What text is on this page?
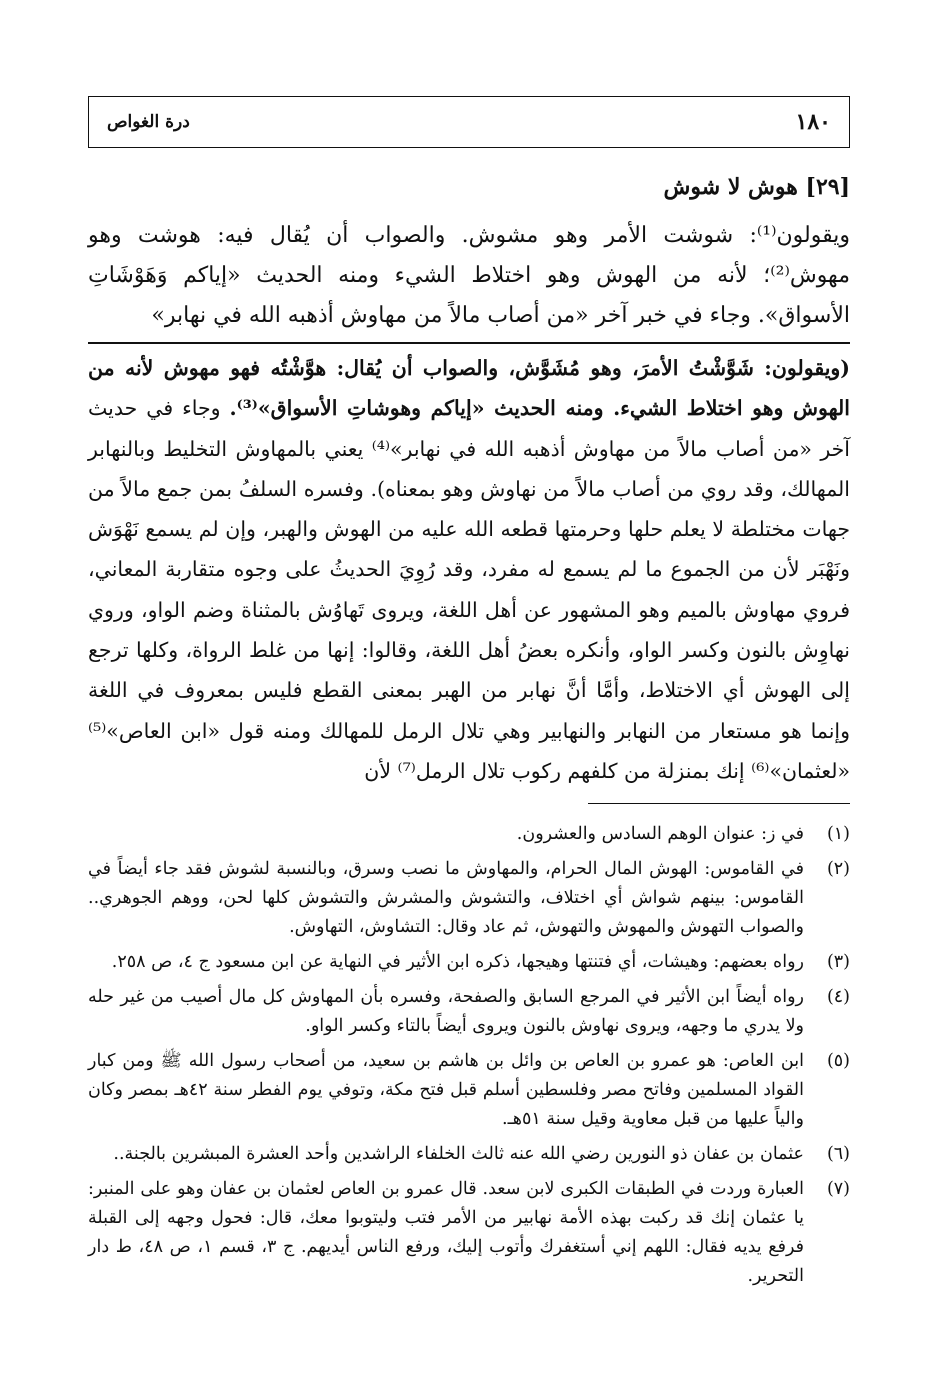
١٨٠
درة الغواص
[٢٩] هوش لا شوش

ويقولون⁽¹⁾: شوشت الأمر وهو مشوش. والصواب أن يُقال فيه: هوشت وهو مهوش⁽²⁾؛ لأنه من الهوش وهو اختلاط الشيء ومنه الحديث «إياكم وَهَوْشَاتِ الأسواق». وجاء في خبر آخر «من أصاب مالاً من مهاوش أذهبه الله في نهابر»

(ويقولون: شَوَّشْتُ الأمرَ، وهو مُشَوَّش، والصواب أن يُقال: هوَّشْتُه فهو مهوش لأنه من الهوش وهو اختلاط الشيء. ومنه الحديث «إياكم وهوشاتِ الأسواق»⁽³⁾. وجاء في حديث آخر «من أصاب مالاً من مهاوش أذهبه الله في نهابر»⁽⁴⁾ يعني بالمهاوش التخليط وبالنهابر المهالك، وقد روي من أصاب مالاً من نهاوش وهو بمعناه). وفسره السلفُ بمن جمع مالاً من جهات مختلطة لا يعلم حلها وحرمتها قطعه الله عليه من الهوش والهبر، وإن لم يسمع نَهْوَش ونَهْبَر لأن من الجموع ما لم يسمع له مفرد، وقد رُوِيَ الحديثُ على وجوه متقاربة المعاني، فروي مهاوش بالميم وهو المشهور عن أهل اللغة، ويروى تَهاوُش بالمثناة وضم الواو، وروي نهاوِش بالنون وكسر الواو، وأنكره بعضُ أهل اللغة، وقالوا: إنها من غلط الرواة، وكلها ترجع إلى الهوش أي الاختلاط، وأمَّا أنَّ نهابر من الهبر بمعنى القطع فليس بمعروف في اللغة وإنما هو مستعار من النهابر والنهابير وهي تلال الرمل للمهالك ومنه قول «ابن العاص»⁽⁵⁾ «لعثمان»⁽⁶⁾ إنك بمنزلة من كلفهم ركوب تلال الرمل⁽⁷⁾ لأن

(١)
في ز: عنوان الوهم السادس والعشرون.
(٢)
في القاموس: الهوش المال الحرام، والمهاوش ما نصب وسرق، وبالنسبة لشوش فقد جاء أيضاً في القاموس: بينهم شواش أي اختلاف، والتشوش والمشرش والتشوش كلها لحن، ووهم الجوهري.. والصواب التهوش والمهوش والتهوش، ثم عاد وقال: التشاوش، التهاوش.
(٣)
رواه بعضهم: وهيشات، أي فتنتها وهيجها، ذكره ابن الأثير في النهاية عن ابن مسعود ج ٤، ص ٢٥٨.
(٤)
رواه أيضاً ابن الأثير في المرجع السابق والصفحة، وفسره بأن المهاوش كل مال أصيب من غير حله ولا يدري ما وجهه، ويروى نهاوش بالنون ويروى أيضاً بالتاء وكسر الواو.
(٥)
ابن العاص: هو عمرو بن العاص بن وائل بن هاشم بن سعيد، من أصحاب رسول الله ﷺ ومن كبار القواد المسلمين وفاتح مصر وفلسطين أسلم قبل فتح مكة، وتوفي يوم الفطر سنة ٤٢هـ بمصر وكان والياً عليها من قبل معاوية وقيل سنة ٥١هـ.
(٦)
عثمان بن عفان ذو النورين رضي الله عنه ثالث الخلفاء الراشدين وأحد العشرة المبشرين بالجنة..
(٧)
العبارة وردت في الطبقات الكبرى لابن سعد. قال عمرو بن العاص لعثمان بن عفان وهو على المنبر: يا عثمان إنك قد ركبت بهذه الأمة نهابير من الأمر فتب وليتوبوا معك، قال: فحول وجهه إلى القبلة فرفع يديه فقال: اللهم إني أستغفرك وأتوب إليك، ورفع الناس أيديهم. ج ٣، قسم ١، ص ٤٨، ط دار التحرير.
